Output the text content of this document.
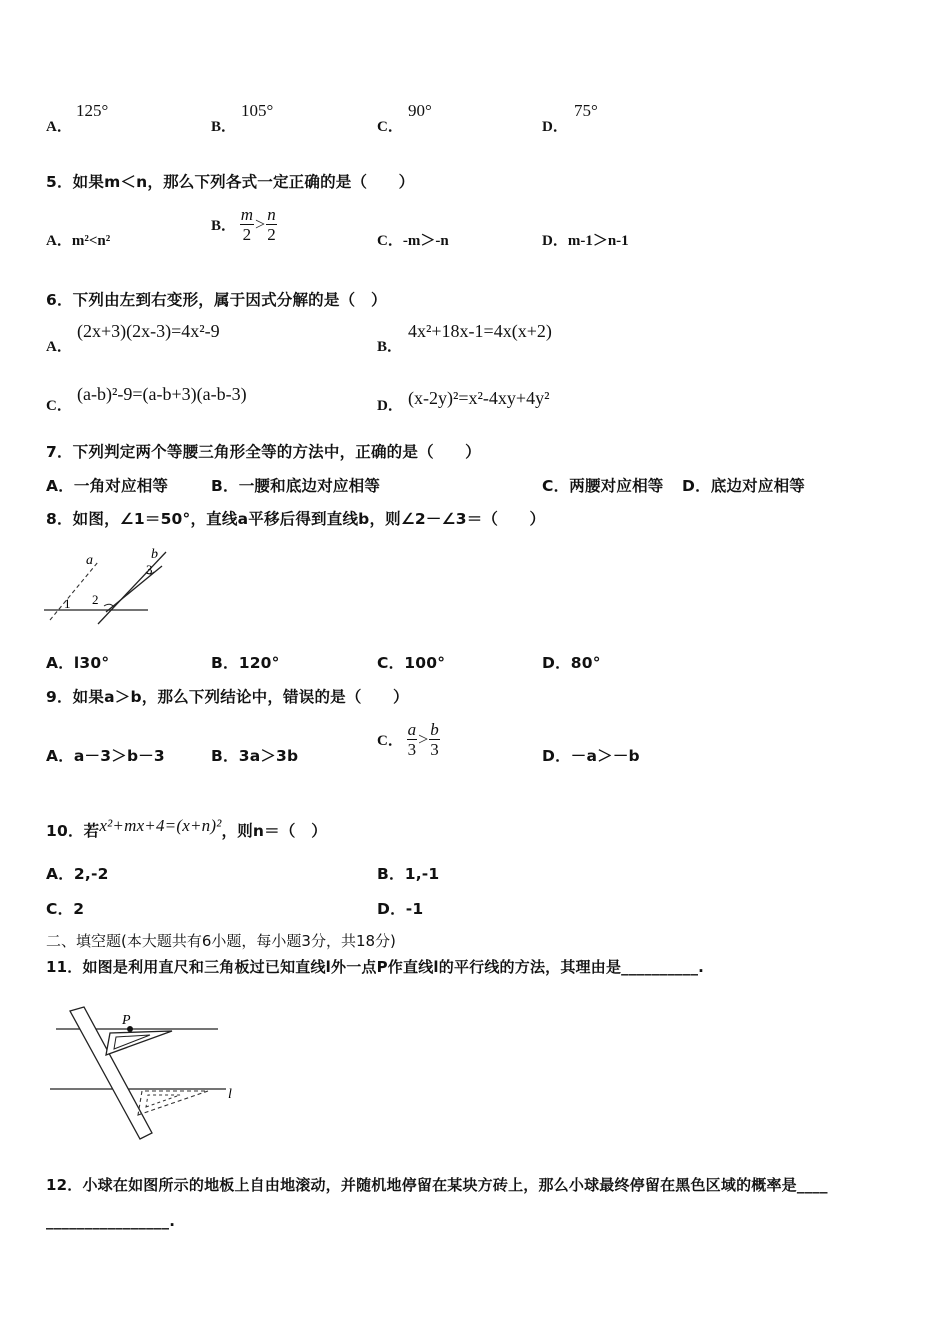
A．
125°
B．
105°
C．
90°
D．
75°
5．如果m＜n，那么下列各式一定正确的是（　　）
A．m²<n²
B． $\frac{m}{2} > \frac{n}{2}$	C．-m＞-n	D．m-1＞n-1
6．下列由左到右变形，属于因式分解的是（　）
A．
(2x+3)(2x-3)=4x²-9
B．
4x²+18x-1=4x(x+2)
C．
(a-b)²-9=(a-b+3)(a-b-3)
D． (x-2y)²=x²-4xy+4y²
7．下列判定两个等腰三角形全等的方法中，正确的是（　　）
A．一角对应相等	B．一腰和底边对应相等	C．两腰对应相等 D．底边对应相等
8．如图，∠1＝50°，直线a平移后得到直线b，则∠2－∠3＝（　　）
a	b
1 2
3
A．l30°	B．120°	C．100°	D．80°
9．如果a＞b，那么下列结论中，错误的是（　　）
A．a－3＞b－3	B．3a＞3b
C． $\frac{a}{3} > \frac{b}{3}$	D．－a＞－b
10．若x²+mx+4=(x+n)²，则n＝（　）
A．2,-2	B．1,-1
C．2	D．-1
二、填空题(本大题共有6小题，每小题3分，共18分)
11．如图是利用直尺和三角板过已知直线l外一点P作直线l的平行线的方法，其理由是__________.
P
l
12．小球在如图所示的地板上自由地滚动，并随机地停留在某块方砖上，那么小球最终停留在黑色区域的概率是____
________________.
